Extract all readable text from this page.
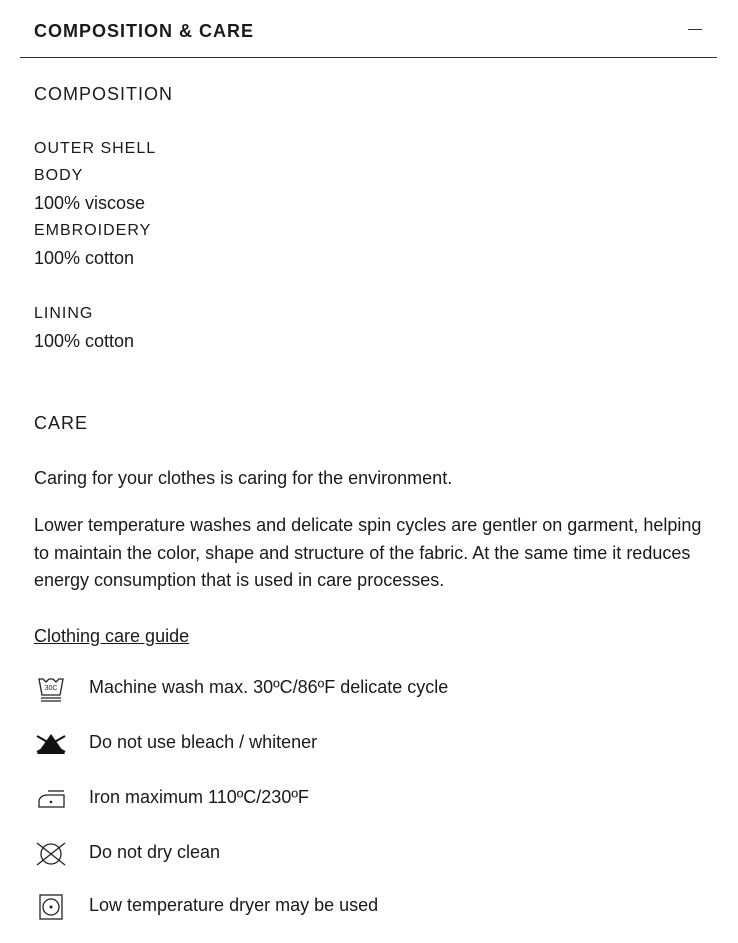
COMPOSITION & CARE
COMPOSITION
OUTER SHELL
BODY
100% viscose
EMBROIDERY
100% cotton
LINING
100% cotton
CARE
Caring for your clothes is caring for the environment.
Lower temperature washes and delicate spin cycles are gentler on garment, helping to maintain the color, shape and structure of the fabric. At the same time it reduces energy consumption that is used in care processes.
Clothing care guide
30C Machine wash max. 30ºC/86ºF delicate cycle
Do not use bleach / whitener
Iron maximum 110ºC/230ºF
Do not dry clean
Low temperature dryer may be used
